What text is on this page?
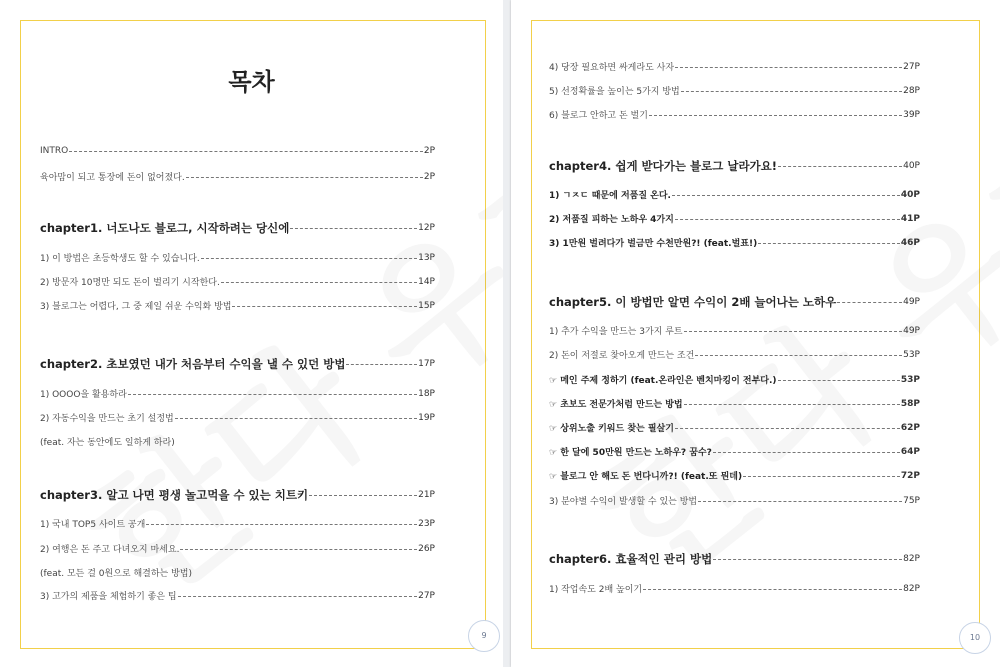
목차
INTRO	2P
육아맘이 되고 통장에 돈이 없어졌다.	2P
chapter1. 너도나도 블로그, 시작하려는 당신에	12P
1) 이 방법은 초등학생도 할 수 있습니다.	13P
2) 방문자 10명만 되도 돈이 벌리기 시작한다.	14P
3) 블로그는 어렵다, 그 중 제일 쉬운 수익화 방법	15P
chapter2. 초보였던 내가 처음부터 수익을 낼 수 있던 방법	17P
1) OOOO을 활용하라	18P
2) 자동수익을 만드는 초기 설정법	19P
(feat. 자는 동안에도 일하게 하라)
chapter3. 알고 나면 평생 놀고먹을 수 있는 치트키	21P
1) 국내 TOP5 사이트 공개	23P
2) 여행은 돈 주고 다녀오지 마세요.	26P
(feat. 모든 걸 0원으로 해결하는 방법)
3) 고가의 제품을 체험하기 좋은 팁	27P
9
4) 당장 필요하면 싸게라도 사자	27P
5) 선정확률을 높이는 5가지 방법	28P
6) 블로그 안하고 돈 벌기	39P
chapter4. 쉽게 받다가는 블로그 날라가요!	40P
1) ㄱㅈㄷ 때문에 저품질 온다.	40P
2) 저품질 피하는 노하우 4가지	41P
3) 1만원 벌려다가 벌금만 수천만원?! (feat.벌표!)	46P
chapter5. 이 방법만 알면 수익이 2배 늘어나는 노하우	49P
1) 추가 수익을 만드는 3가지 루트	49P
2) 돈이 저절로 찾아오게 만드는 조건	53P
☞ 메인 주제 정하기 (feat.온라인은 벤치마킹이 전부다.)	53P
☞ 초보도 전문가처럼 만드는 방법	58P
☞ 상위노출 키워드 찾는 필살기	62P
☞ 한 달에 50만원 만드는 노하우? 꿈수?	64P
☞ 블로그 안 해도 돈 번다니까?! (feat.또 뭔데)	72P
3) 분야별 수익이 발생할 수 있는 방법	75P
chapter6. 효율적인 관리 방법	82P
1) 작업속도 2배 높이기	82P
10
